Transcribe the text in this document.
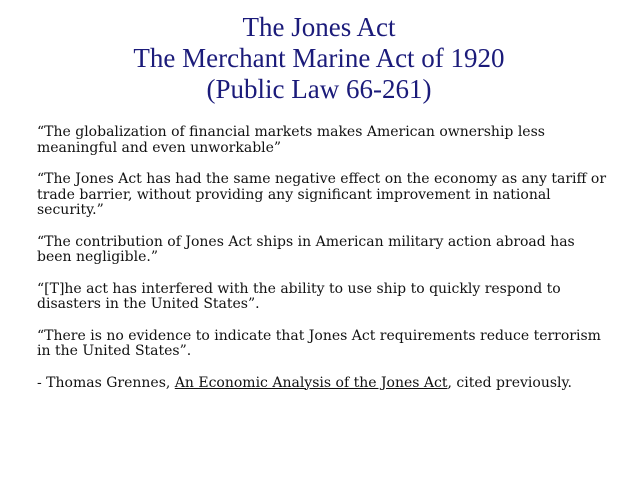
The Jones Act
The Merchant Marine Act of 1920
(Public Law 66-261)

“The globalization of financial markets makes American ownership less meaningful and even unworkable”

“The Jones Act has had the same negative effect on the economy as any tariff or trade barrier, without providing any significant improvement in national security.”

“The contribution of Jones Act ships in American military action abroad has been negligible.”

“[T]he act has interfered with the ability to use ship to quickly respond to disasters in the United States”.

“There is no evidence to indicate that Jones Act requirements reduce terrorism in the United States”.

- Thomas Grennes, An Economic Analysis of the Jones Act, cited previously.
